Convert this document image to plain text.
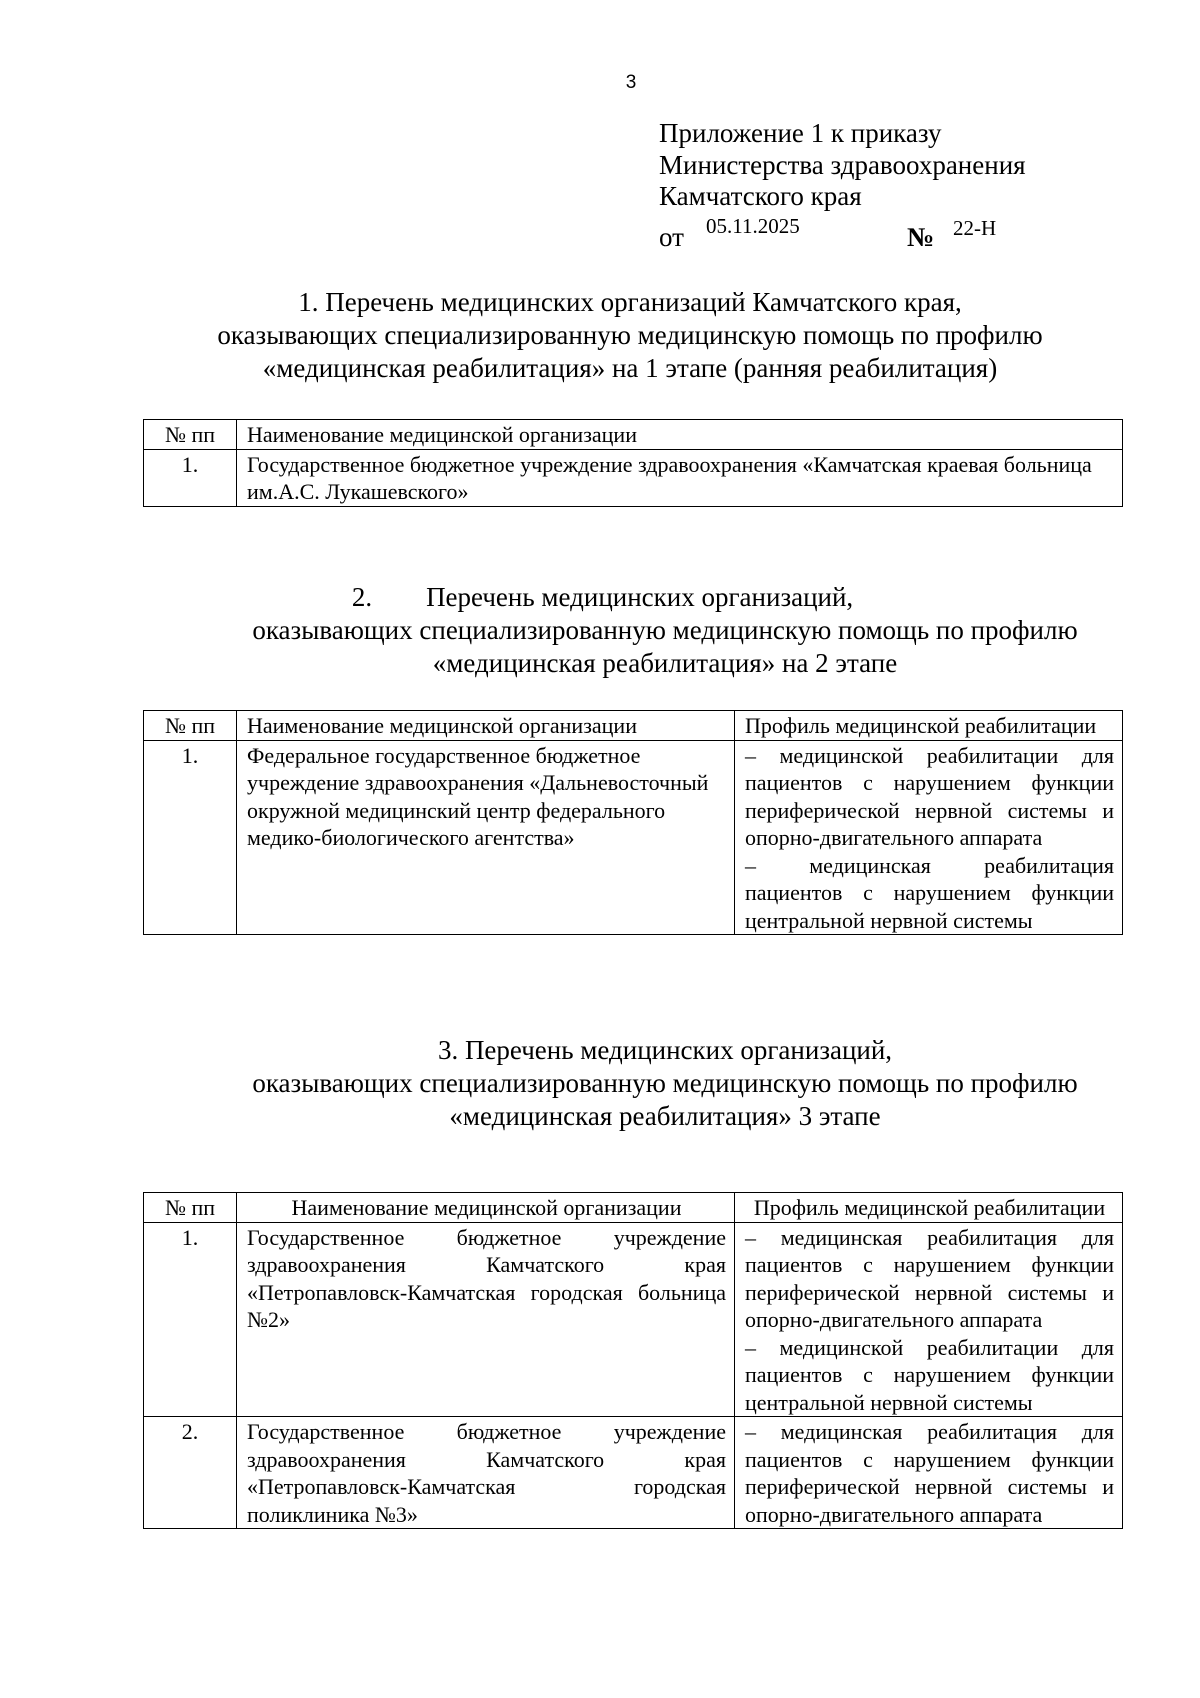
3
Приложение 1 к приказу
Министерства здравоохранения
Камчатского края
от 05.11.2025	№ 22-Н
1. Перечень медицинских организаций Камчатского края,
оказывающих специализированную медицинскую помощь по профилю
«медицинская реабилитация» на 1 этапе (ранняя реабилитация)
№ пп	Наименование медицинской организации
1.	Государственное бюджетное учреждение здравоохранения «Камчатская краевая больница им.А.С. Лукашевского»
2.        Перечень медицинских организаций,
оказывающих специализированную медицинскую помощь по профилю
«медицинская реабилитация» на 2 этапе
№ пп	Наименование медицинской организации	Профиль медицинской реабилитации
1.	Федеральное государственное бюджетное учреждение здравоохранения «Дальневосточный окружной медицинский центр федерального медико-биологического агентства»	– медицинской реабилитации для пациентов с нарушением функции периферической нервной системы и опорно-двигательного аппарата
– медицинская реабилитация пациентов с нарушением функции центральной нервной системы
3. Перечень медицинских организаций,
оказывающих специализированную медицинскую помощь по профилю
«медицинская реабилитация» 3 этапе
№ пп	Наименование медицинской организации	Профиль медицинской реабилитации
1.	Государственное бюджетное учреждение здравоохранения Камчатского края «Петропавловск-Камчатская городская больница №2»	– медицинская реабилитация для пациентов с нарушением функции периферической нервной системы и опорно-двигательного аппарата
– медицинской реабилитации для пациентов с нарушением функции центральной нервной системы

2.	Государственное бюджетное учреждение здравоохранения Камчатского края «Петропавловск-Камчатская городская поликлиника №3»	– медицинская реабилитация для пациентов с нарушением функции периферической нервной системы и опорно-двигательного аппарата
